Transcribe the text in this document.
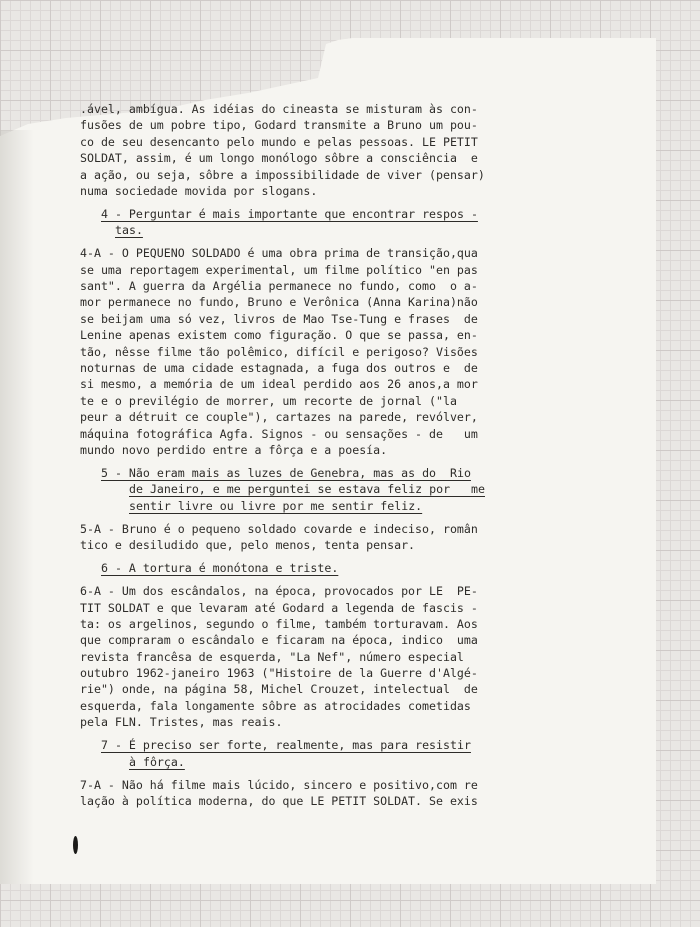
.ável, ambígua. As idéias do cineasta se misturam às con-
fusões de um pobre tipo, Godard transmite a Bruno um pou-
co de seu desencanto pelo mundo e pelas pessoas. LE PETIT
SOLDAT, assim, é um longo monólogo sôbre a consciência  e
a ação, ou seja, sôbre a impossibilidade de viver (pensar)
numa sociedade movida por slogans.
4 - Perguntar é mais importante que encontrar respos -
tas.
4-A - O PEQUENO SOLDADO é uma obra prima de transição,qua
se uma reportagem experimental, um filme político "en pas
sant". A guerra da Argélia permanece no fundo, como  o a-
mor permanece no fundo, Bruno e Verônica (Anna Karina)não
se beijam uma só vez, livros de Mao Tse-Tung e frases  de
Lenine apenas existem como figuração. O que se passa, en-
tão, nêsse filme tão polêmico, difícil e perigoso? Visões
noturnas de uma cidade estagnada, a fuga dos outros e  de
si mesmo, a memória de um ideal perdido aos 26 anos,a mor
te e o previlégio de morrer, um recorte de jornal ("la
peur a détruit ce couple"), cartazes na parede, revólver,
máquina fotográfica Agfa. Signos - ou sensações - de   um
mundo novo perdido entre a fôrça e a poesía.
5 - Não eram mais as luzes de Genebra, mas as do  Rio
de Janeiro, e me perguntei se estava feliz por   me
sentir livre ou livre por me sentir feliz.
5-A - Bruno é o pequeno soldado covarde e indeciso, român
tico e desiludido que, pelo menos, tenta pensar.
6 - A tortura é monótona e triste.
6-A - Um dos escândalos, na época, provocados por LE  PE-
TIT SOLDAT e que levaram até Godard a legenda de fascis -
ta: os argelinos, segundo o filme, também torturavam. Aos
que compraram o escândalo e ficaram na época, indico  uma
revista francêsa de esquerda, "La Nef", número especial
outubro 1962-janeiro 1963 ("Histoire de la Guerre d'Algé-
rie") onde, na página 58, Michel Crouzet, intelectual  de
esquerda, fala longamente sôbre as atrocidades cometidas
pela FLN. Tristes, mas reais.
7 - É preciso ser forte, realmente, mas para resistir
à fôrça.
7-A - Não há filme mais lúcido, sincero e positivo,com re
lação à política moderna, do que LE PETIT SOLDAT. Se exis
